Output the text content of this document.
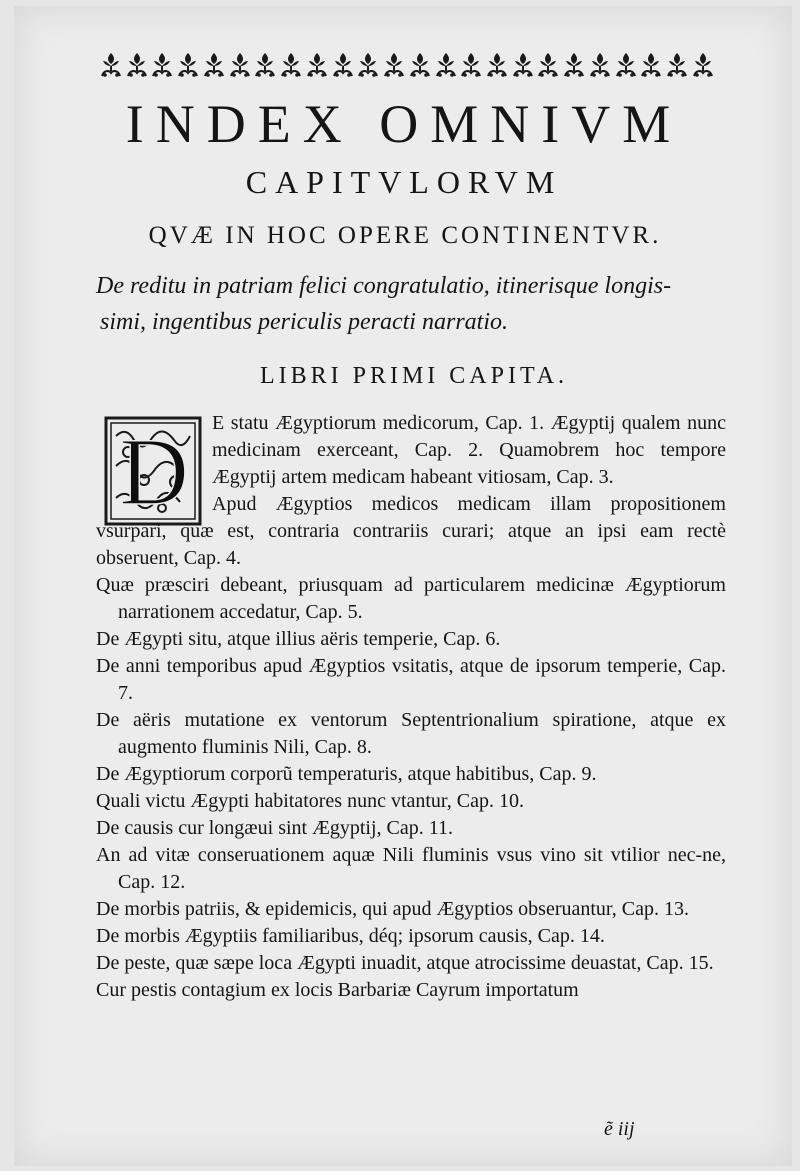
INDEX OMNIVM
CAPITVLORVM
QVÆ IN HOC OPERE CONTINENTVR.
De reditu in patriam felici congratulatio, itinerisque longis-
simi, ingentibus periculis peracti narratio.
LIBRI PRIMI CAPITA.
D	E statu Ægyptiorum medicorum, Cap. 1. Ægyptij qualem nunc medicinam exerceant, Cap. 2. Quamobrem hoc tempore Ægyptij artem medicam habeant vitiosam, Cap. 3.

Apud Ægyptios medicos medicam illam propositionem vsurpari, quæ est, contraria contrariis curari; atque an ipsi eam rectè obseruent, Cap. 4.

Quæ præsciri debeant, priusquam ad particularem medicinæ Ægyptiorum narrationem accedatur, Cap. 5.

De Ægypti situ, atque illius aëris temperie, Cap. 6.

De anni temporibus apud Ægyptios vsitatis, atque de ipsorum temperie, Cap. 7.

De aëris mutatione ex ventorum Septentrionalium spiratione, atque ex augmento fluminis Nili, Cap. 8.

De Ægyptiorum corporũ temperaturis, atque habitibus, Cap. 9.

Quali victu Ægypti habitatores nunc vtantur, Cap. 10.

De causis cur longæui sint Ægyptij, Cap. 11.

An ad vitæ conseruationem aquæ Nili fluminis vsus vino sit vtilior nec-ne, Cap. 12.

De morbis patriis, & epidemicis, qui apud Ægyptios obseruantur, Cap. 13.

De morbis Ægyptiis familiaribus, déq; ipsorum causis, Cap. 14.

De peste, quæ sæpe loca Ægypti inuadit, atque atrocissime deuastat, Cap. 15.

Cur pestis contagium ex locis Barbariæ Cayrum importatum

ẽ iij
